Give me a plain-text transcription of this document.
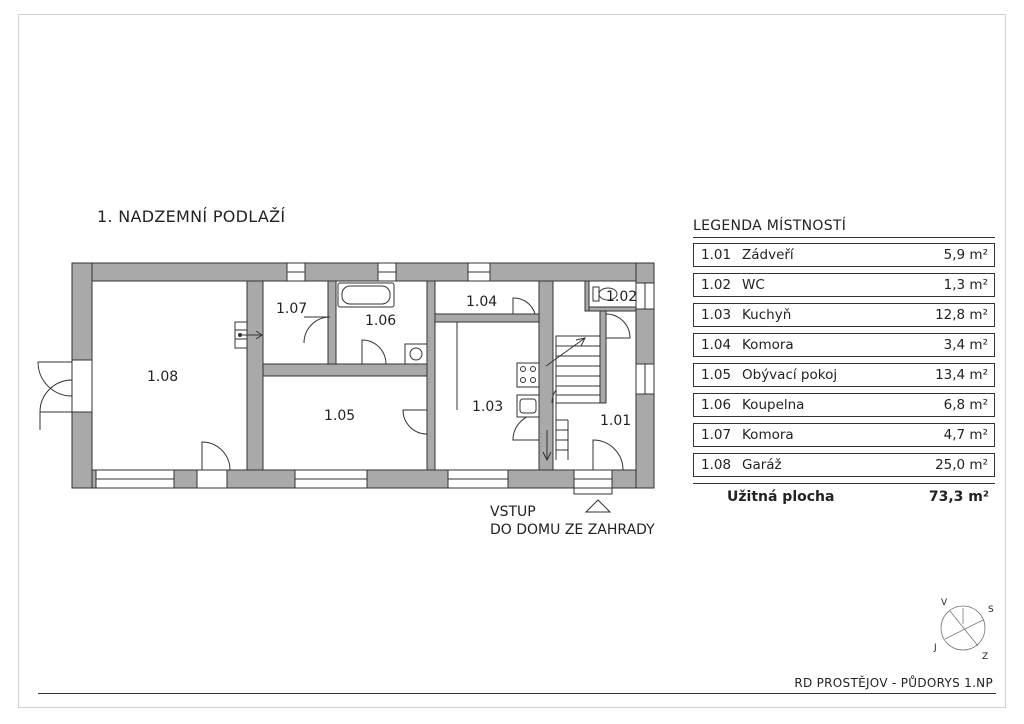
1. NADZEMNÍ PODLAŽÍ
1.08
1.07
1.06
1.05
1.04
1.03
1.02
1.01
V
S
Z
J
VSTUP
DO DOMU ZE ZAHRADY
LEGENDA MÍSTNOSTÍ
1.01 Zádveří	5,9 m²
1.02 WC	1,3 m²
1.03 Kuchyň	12,8 m²
1.04 Komora	3,4 m²
1.05 Obývací pokoj	13,4 m²
1.06 Koupelna	6,8 m²
1.07 Komora	4,7 m²
1.08 Garáž	25,0 m²
Užitná plocha	73,3 m²
RD PROSTĚJOV - PŮDORYS 1.NP
